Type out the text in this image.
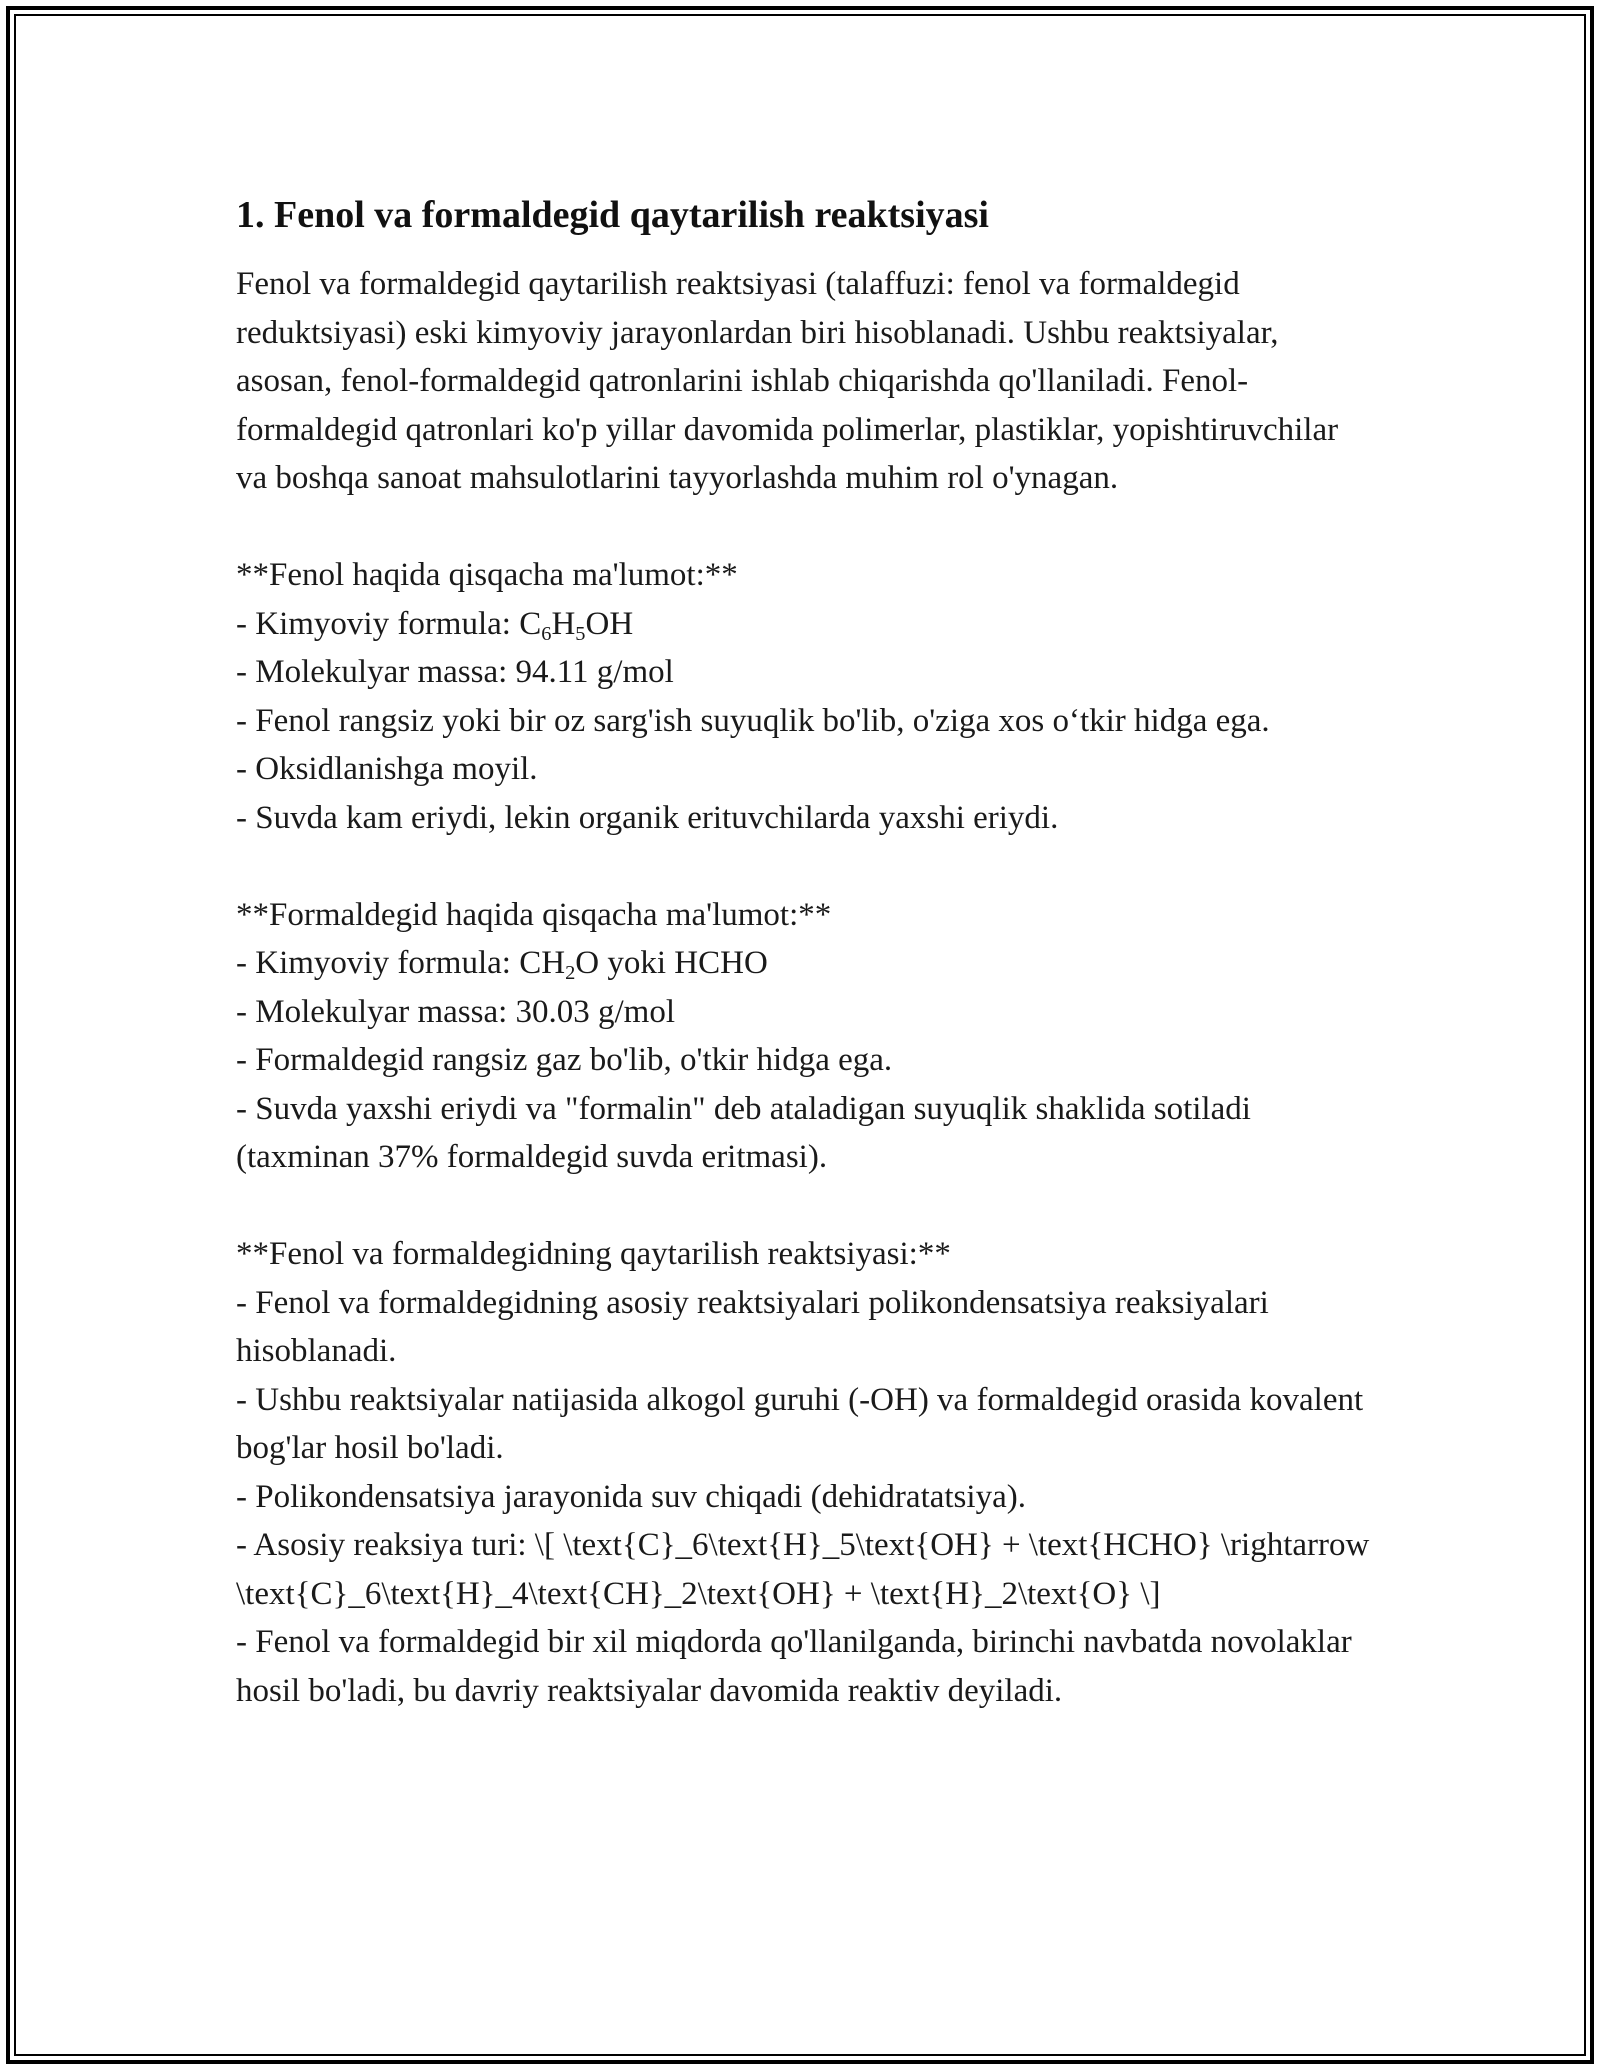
1. Fenol va formaldegid qaytarilish reaktsiyasi

Fenol va formaldegid qaytarilish reaktsiyasi (talaffuzi: fenol va formaldegid reduktsiyasi) eski kimyoviy jarayonlardan biri hisoblanadi. Ushbu reaktsiyalar, asosan, fenol-formaldegid qatronlarini ishlab chiqarishda qo'llaniladi. Fenol-formaldegid qatronlari ko'p yillar davomida polimerlar, plastiklar, yopishtiruvchilar va boshqa sanoat mahsulotlarini tayyorlashda muhim rol o'ynagan.

**Fenol haqida qisqacha ma'lumot:**

- Kimyoviy formula: $C_6H_5OH$

- Molekulyar massa: 94.11 g/mol

- Fenol rangsiz yoki bir oz sarg'ish suyuqlik bo'lib, o'ziga xos o‘tkir hidga ega.

- Oksidlanishga moyil.

- Suvda kam eriydi, lekin organik erituvchilarda yaxshi eriydi.

**Formaldegid haqida qisqacha ma'lumot:**

- Kimyoviy formula: $CH_2O$ yoki HCHO

- Molekulyar massa: 30.03 g/mol

- Formaldegid rangsiz gaz bo'lib, o'tkir hidga ega.

- Suvda yaxshi eriydi va "formalin" deb ataladigan suyuqlik shaklida sotiladi (taxminan 37% formaldegid suvda eritmasi).

**Fenol va formaldegidning qaytarilish reaktsiyasi:**

- Fenol va formaldegidning asosiy reaktsiyalari polikondensatsiya reaksiyalari hisoblanadi.

- Ushbu reaktsiyalar natijasida alkogol guruhi (-OH) va formaldegid orasida kovalent bog'lar hosil bo'ladi.

- Polikondensatsiya jarayonida suv chiqadi (dehidratatsiya).

- Asosiy reaksiya turi: \[ \text{C}_6\text{H}_5\text{OH} + \text{HCHO} \rightarrow \text{C}_6\text{H}_4\text{CH}_2\text{OH} + \text{H}_2\text{O} \]

- Fenol va formaldegid bir xil miqdorda qo'llanilganda, birinchi navbatda novolaklar hosil bo'ladi, bu davriy reaktsiyalar davomida reaktiv deyiladi.
